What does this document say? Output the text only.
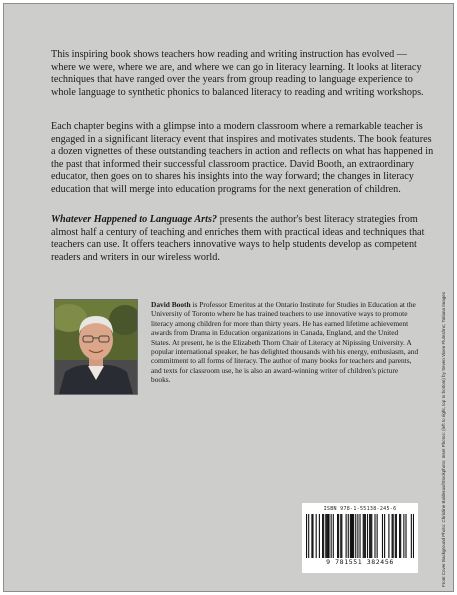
This inspiring book shows teachers how reading and writing instruction has evolved — where we were, where we are, and where we can go in literacy learning. It looks at literacy techniques that have ranged over the years from group reading to language experience to whole language to synthetic phonics to balanced literacy to reading and writing workshops.

Each chapter begins with a glimpse into a modern classroom where a remarkable teacher is engaged in a significant literacy event that inspires and motivates students. The book features a dozen vignettes of these outstanding teachers in action and reflects on what has happened in the past that informed their successful classroom practice. David Booth, an extraordinary educator, then goes on to shares his insights into the way forward; the changes in literacy education that will merge into education programs for the next generation of children.

Whatever Happened to Language Arts? presents the author's best literacy strategies from almost half a century of teaching and enriches them with practical ideas and techniques that teachers can use. It offers teachers innovative ways to help students develop as competent readers and writers in our wireless world.

David Booth is Professor Emeritus at the Ontario Institute for Studies in Education at the University of Toronto where he has trained teachers to use innovative ways to promote literacy among children for more than thirty years. He has earned lifetime achievement awards from Drama in Education organizations in Canada, England, and the United States. At present, he is the Elizabeth Thorn Chair of Literacy at Nipissing University. A popular international speaker, he has delighted thousands with his energy, enthusiasm, and commitment to all forms of literacy. The author of many books for teachers and parents, and texts for classroom use, he is also an award-winning writer of children's picture books.

ISBN 978-1-55138-245-6
9 781551 382456	Front Cover Background Photo: Christine Balderas/iStockphoto; Inset Photos: (left to right, top to bottom) by Seven Vixen Flutes/Inc; Tatiana Images
